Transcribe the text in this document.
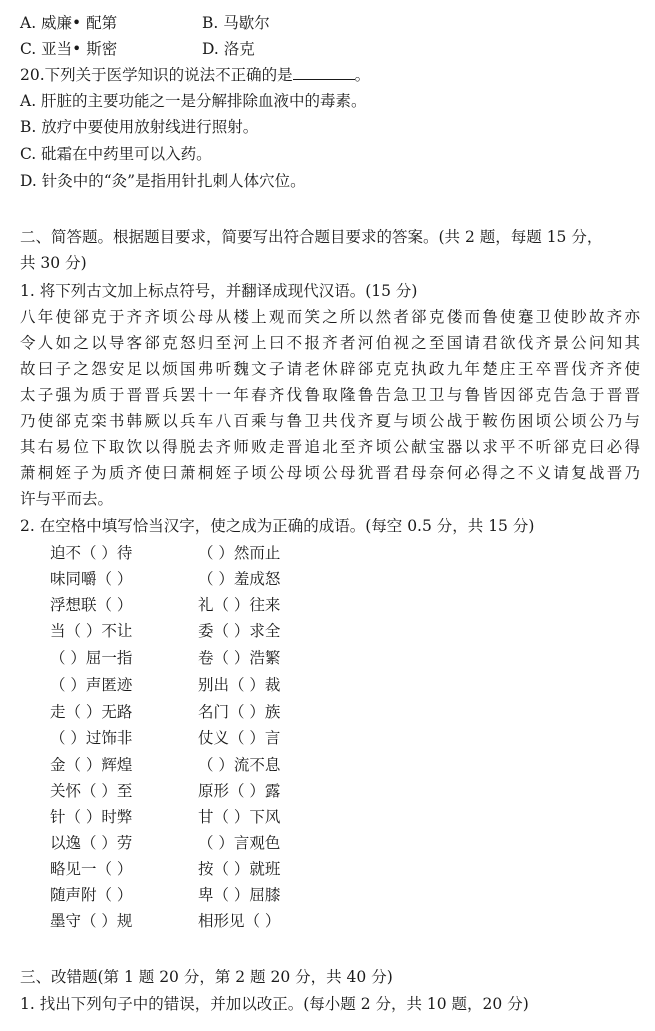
A. 威廉• 配第	B. 马歇尔
C. 亚当• 斯密	D. 洛克
20.下列关于医学知识的说法不正确的是	。
A. 肝脏的主要功能之一是分解排除血液中的毒素。
B. 放疗中要使用放射线进行照射。
C. 砒霜在中药里可以入药。
D. 针灸中的“灸”是指用针扎刺人体穴位。
二、简答题。根据题目要求，简要写出符合题目要求的答案。(共 2 题，每题 15 分，
共 30 分)
1. 将下列古文加上标点符号，并翻译成现代汉语。(15 分)
八年使郤克于齐齐顷公母从楼上观而笑之所以然者郤克偻而鲁使蹇卫使眇故齐亦
令人如之以导客郤克怒归至河上曰不报齐者河伯视之至国请君欲伐齐景公问知其
故曰子之怨安足以烦国弗听魏文子请老休辟郤克克执政九年楚庄王卒晋伐齐齐使
太子强为质于晋晋兵罢十一年春齐伐鲁取隆鲁告急卫卫与鲁皆因郤克告急于晋晋
乃使郤克栾书韩厥以兵车八百乘与鲁卫共伐齐夏与顷公战于鞍伤困顷公顷公乃与
其右易位下取饮以得脱去齐师败走晋追北至齐顷公献宝器以求平不听郤克曰必得
萧桐姪子为质齐使曰萧桐姪子顷公母顷公母犹晋君母奈何必得之不义请复战晋乃
许与平而去。
2. 在空格中填写恰当汉字，使之成为正确的成语。(每空 0.5 分，共 15 分)
迫不（ ）待	（ ）然而止
味同嚼（ ）	（ ）羞成怒
浮想联（ ）	礼（ ）往来
当（ ）不让	委（ ）求全
（ ）屈一指	卷（ ）浩繁
（ ）声匿迹	别出（ ）裁
走（ ）无路	名门（ ）族
（ ）过饰非	仗义（ ）言
金（ ）辉煌	（ ）流不息
关怀（ ）至	原形（ ）露
针（ ）时弊	甘（ ）下风
以逸（ ）劳	（ ）言观色
略见一（ ）	按（ ）就班
随声附（ ）	卑（ ）屈膝
墨守（ ）规	相形见（ ）
三、改错题(第 1 题 20 分，第 2 题 20 分，共 40 分)
1. 找出下列句子中的错误，并加以改正。(每小题 2 分，共 10 题，20 分)
